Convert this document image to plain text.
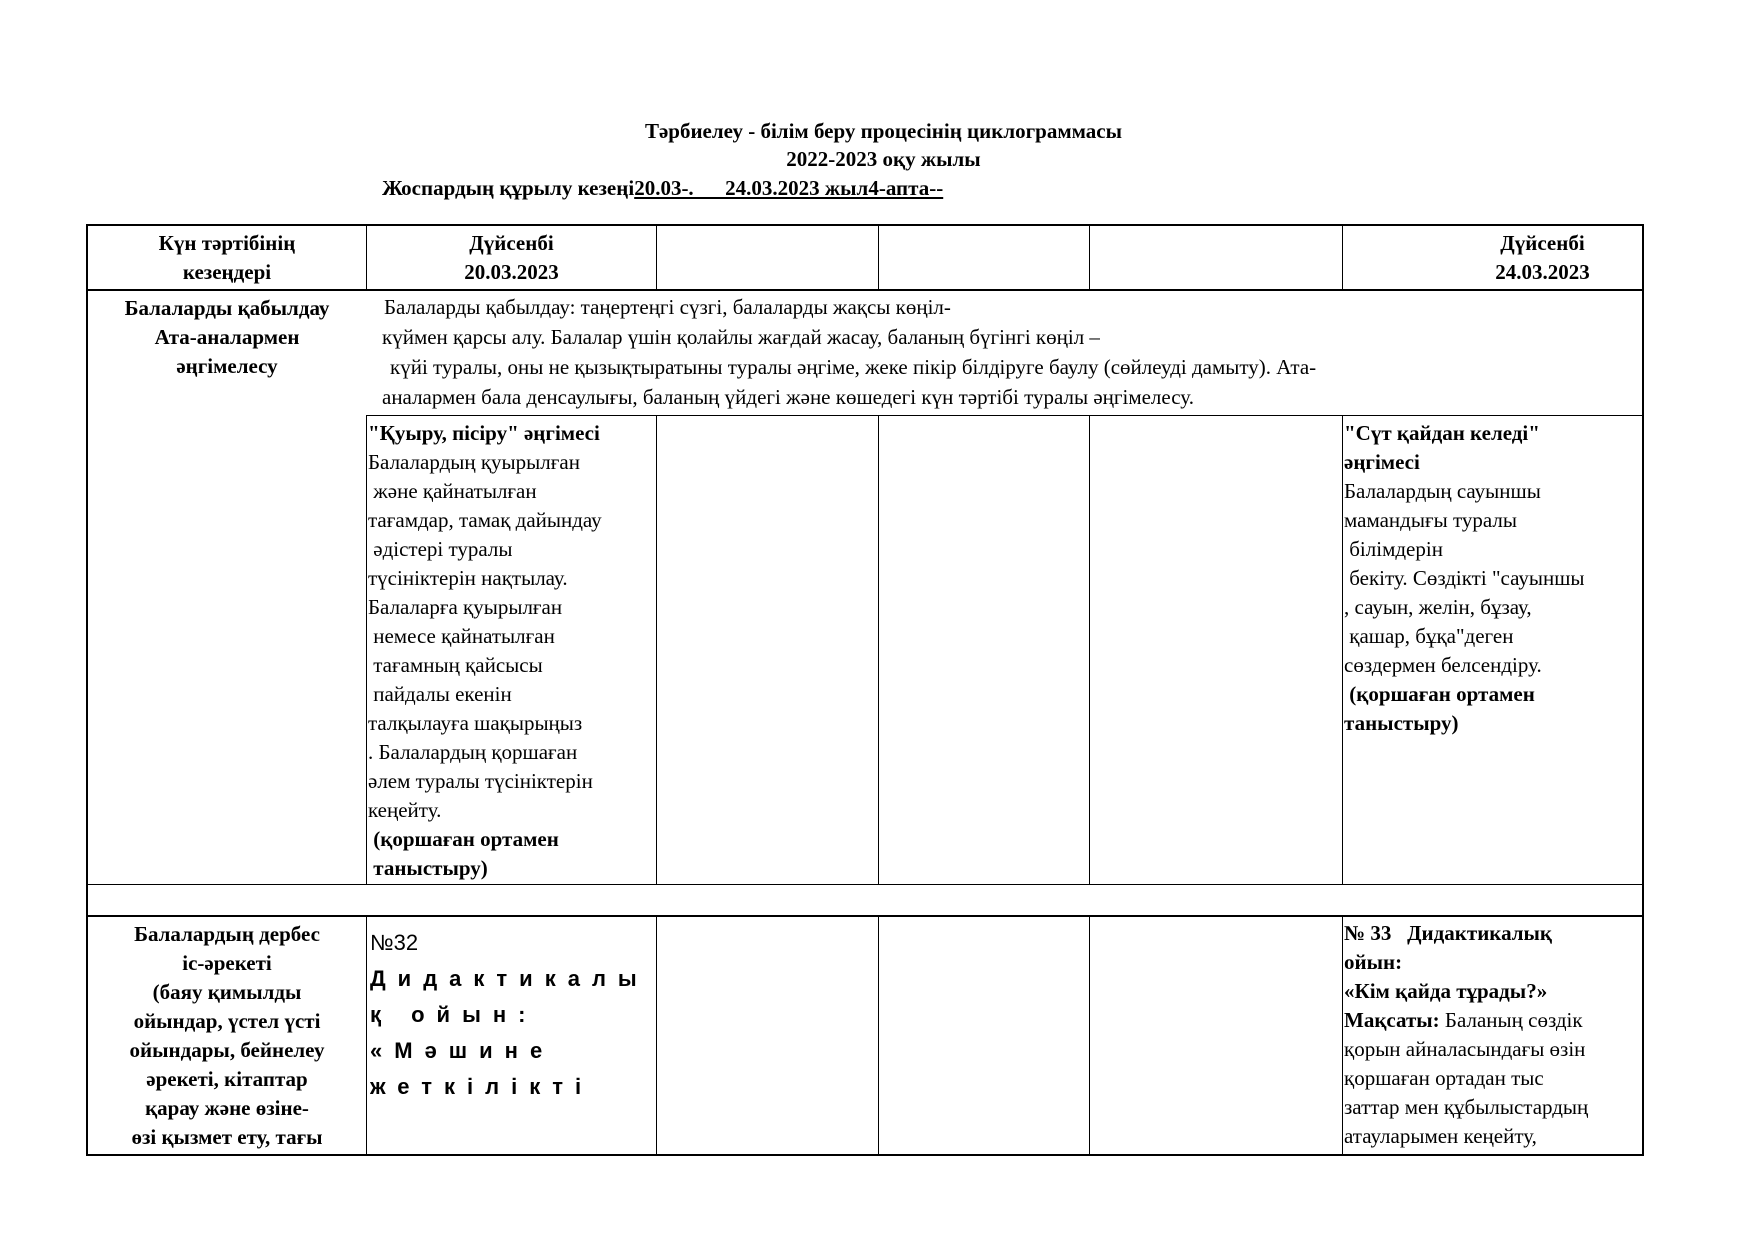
Тәрбиелеу - білім беру процесінің циклограммасы
2022-2023 оқу жылы
Жоспардың құрылу кезеңі20.03-.      24.03.2023 жыл4-апта--
Күн тәртібінің
кезеңдері
Дүйсенбі
20.03.2023
Дүйсенбі
24.03.2023
Балаларды қабылдау
Ата-аналармен
әңгімелесу
Балаларды қабылдау: таңертеңгі сүзгі, балаларды жақсы көңіл-
күймен қарсы алу. Балалар үшін қолайлы жағдай жасау, баланың бүгінгі көңіл –
күйі туралы, оны не қызықтыратыны туралы әңгіме, жеке пікір білдіруге баулу (сөйлеуді дамыту). Ата-
аналармен бала денсаулығы, баланың үйдегі және көшедегі күн тәртібі туралы әңгімелесу.
"Қуыру, пісіру" әңгімесі
Балалардың қуырылған
және қайнатылған
тағамдар, тамақ дайындау
әдістері туралы
түсініктерін нақтылау.
Балаларға қуырылған
немесе қайнатылған
тағамның қайсысы
пайдалы екенін
талқылауға шақырыңыз
. Балалардың қоршаған
әлем туралы түсініктерін
кеңейту.
(қоршаған ортамен
таныстыру)
"Сүт қайдан келеді"
әңгімесі
Балалардың сауыншы
мамандығы туралы
білімдерін
бекіту. Сөздікті "сауыншы
, сауын, желін, бұзау,
қашар, бұқа"деген
сөздермен белсендіру.
(қоршаған ортамен
таныстыру)
Балалардың дербес
іс-әрекеті
(баяу қимылды
ойындар, үстел үсті
ойындары, бейнелеу
әрекеті, кітаптар
қарау және өзіне-
өзі қызмет ету, тағы
№32
Дидактикалы
қ ойын:
«Мәшине
жеткілікті
№ 33   Дидактикалық
ойын:
«Кім қайда тұрады?»
Мақсаты: Баланың сөздік
қорын айналасындағы өзін
қоршаған ортадан тыс
заттар мен құбылыстардың
атауларымен кеңейту,
